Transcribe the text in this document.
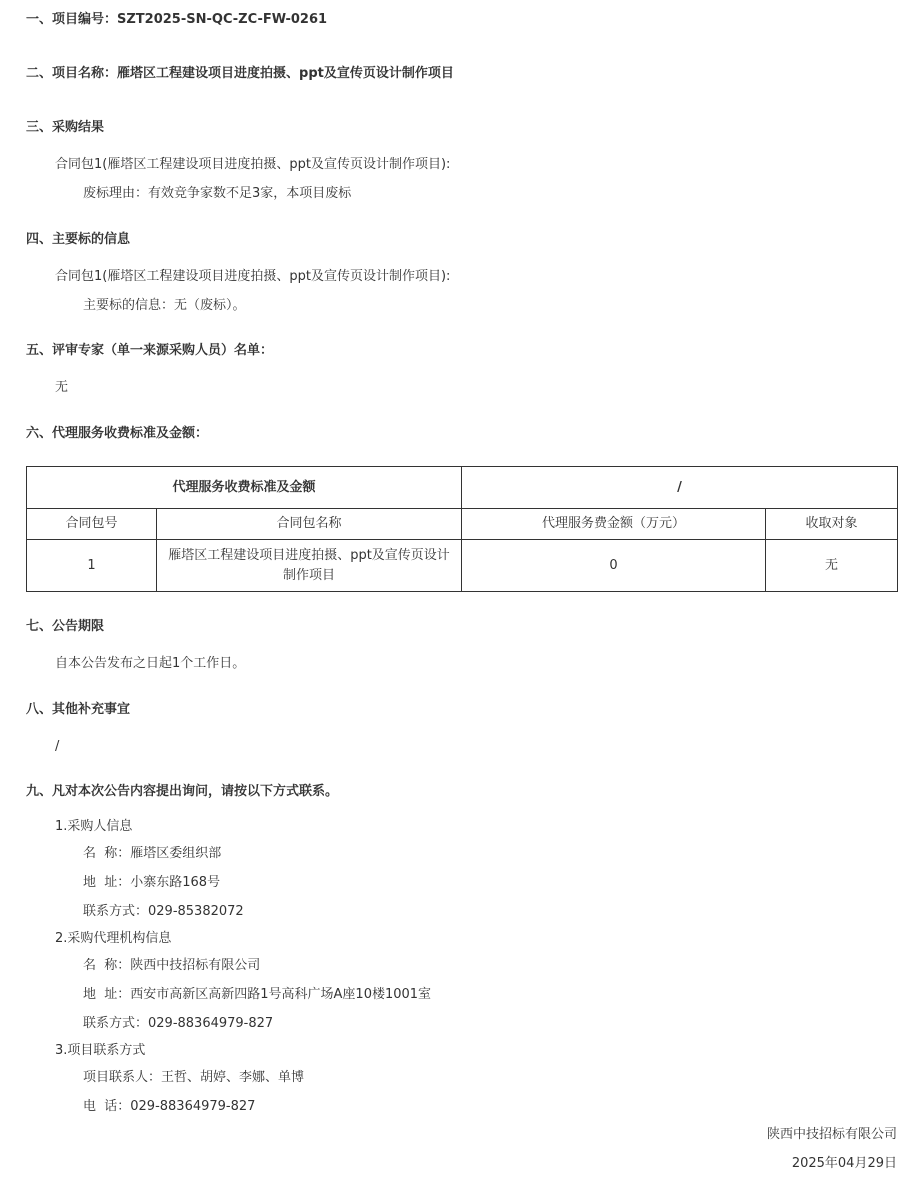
一、项目编号：SZT2025-SN-QC-ZC-FW-0261
二、项目名称：雁塔区工程建设项目进度拍摄、ppt及宣传页设计制作项目
三、采购结果
合同包1(雁塔区工程建设项目进度拍摄、ppt及宣传页设计制作项目):
废标理由：有效竞争家数不足3家，本项目废标
四、主要标的信息
合同包1(雁塔区工程建设项目进度拍摄、ppt及宣传页设计制作项目):
主要标的信息：无（废标）。
五、评审专家（单一来源采购人员）名单：
无
六、代理服务收费标准及金额：
代理服务收费标准及金额		/	
合同包号	合同包名称	代理服务费金额（万元）	收取对象
1	雁塔区工程建设项目进度拍摄、ppt及宣传页设计制作项目	0	无
七、公告期限
自本公告发布之日起1个工作日。
八、其他补充事宜
/
九、凡对本次公告内容提出询问，请按以下方式联系。
1.采购人信息
名  称：雁塔区委组织部
地  址：小寨东路168号
联系方式：029-85382072
2.采购代理机构信息
名  称：陕西中技招标有限公司
地  址：西安市高新区高新四路1号高科广场A座10楼1001室
联系方式：029-88364979-827
3.项目联系方式
项目联系人：王哲、胡婷、李娜、单博
电  话：029-88364979-827
陕西中技招标有限公司
2025年04月29日
